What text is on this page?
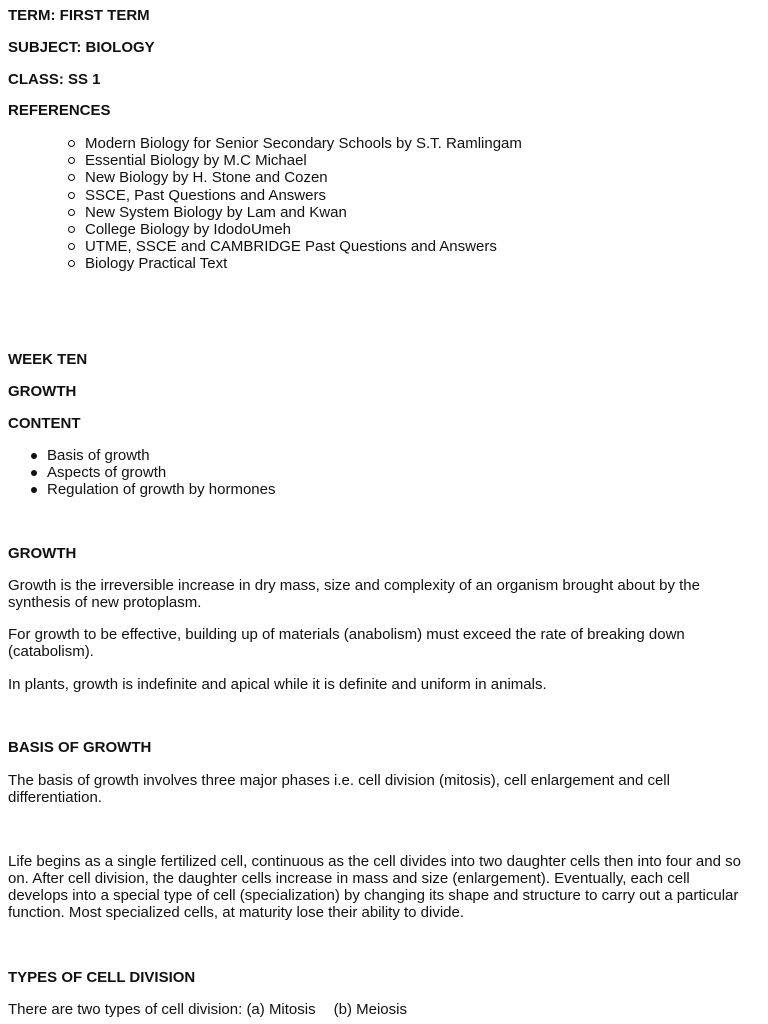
TERM: FIRST TERM

SUBJECT: BIOLOGY

CLASS: SS 1

REFERENCES

Modern Biology for Senior Secondary Schools by S.T. Ramlingam
Essential Biology by M.C Michael
New Biology by H. Stone and Cozen
SSCE, Past Questions and Answers
New System Biology by Lam and Kwan
College Biology by IdodoUmeh
UTME, SSCE and CAMBRIDGE Past Questions and Answers
Biology Practical Text

WEEK TEN

GROWTH

CONTENT

Basis of growth
Aspects of growth
Regulation of growth by hormones

GROWTH

Growth is the irreversible increase in dry mass, size and complexity of an organism brought about by the synthesis of new protoplasm.

For growth to be effective, building up of materials (anabolism) must exceed the rate of breaking down (catabolism).

In plants, growth is indefinite and apical while it is definite and uniform in animals.

BASIS OF GROWTH

The basis of growth involves three major phases i.e. cell division (mitosis), cell enlargement and cell differentiation.

Life begins as a single fertilized cell, continuous as the cell divides into two daughter cells then into four and so on. After cell division, the daughter cells increase in mass and size (enlargement). Eventually, each cell develops into a special type of cell (specialization) by changing its shape and structure to carry out a particular function. Most specialized cells, at maturity lose their ability to divide.

TYPES OF CELL DIVISION

There are two types of cell division: (a) Mitosis (b) Meiosis
